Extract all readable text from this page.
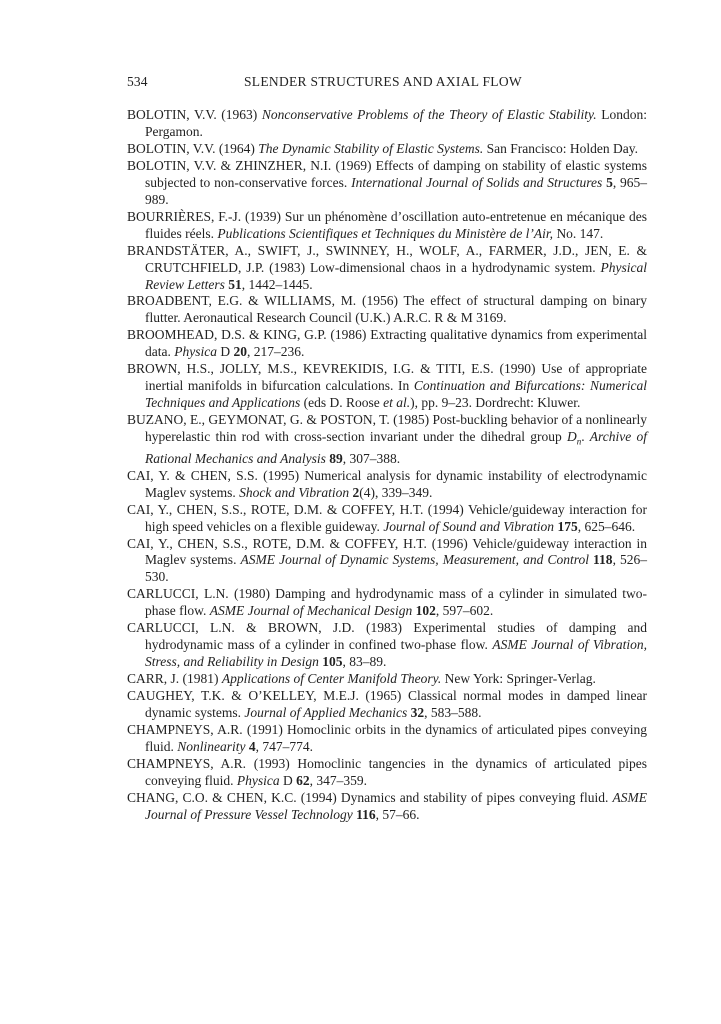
534	SLENDER STRUCTURES AND AXIAL FLOW

BOLOTIN, V.V. (1963) Nonconservative Problems of the Theory of Elastic Stability. London: Pergamon.

BOLOTIN, V.V. (1964) The Dynamic Stability of Elastic Systems. San Francisco: Holden Day.

BOLOTIN, V.V. & ZHINZHER, N.I. (1969) Effects of damping on stability of elastic systems subjected to non-conservative forces. International Journal of Solids and Structures 5, 965–989.

BOURRIÈRES, F.-J. (1939) Sur un phénomène d’oscillation auto-entretenue en mécanique des fluides réels. Publications Scientifiques et Techniques du Ministère de l’Air, No. 147.

BRANDSTÄTER, A., SWIFT, J., SWINNEY, H., WOLF, A., FARMER, J.D., JEN, E. & CRUTCHFIELD, J.P. (1983) Low-dimensional chaos in a hydrodynamic system. Physical Review Letters 51, 1442–1445.

BROADBENT, E.G. & WILLIAMS, M. (1956) The effect of structural damping on binary flutter. Aeronautical Research Council (U.K.) A.R.C. R & M 3169.

BROOMHEAD, D.S. & KING, G.P. (1986) Extracting qualitative dynamics from experimental data. Physica D 20, 217–236.

BROWN, H.S., JOLLY, M.S., KEVREKIDIS, I.G. & TITI, E.S. (1990) Use of appropriate inertial manifolds in bifurcation calculations. In Continuation and Bifurcations: Numerical Techniques and Applications (eds D. Roose et al.), pp. 9–23. Dordrecht: Kluwer.

BUZANO, E., GEYMONAT, G. & POSTON, T. (1985) Post-buckling behavior of a nonlinearly hyperelastic thin rod with cross-section invariant under the dihedral group $D_n$. Archive of Rational Mechanics and Analysis 89, 307–388.

CAI, Y. & CHEN, S.S. (1995) Numerical analysis for dynamic instability of electrodynamic Maglev systems. Shock and Vibration 2(4), 339–349.

CAI, Y., CHEN, S.S., ROTE, D.M. & COFFEY, H.T. (1994) Vehicle/guideway interaction for high speed vehicles on a flexible guideway. Journal of Sound and Vibration 175, 625–646.

CAI, Y., CHEN, S.S., ROTE, D.M. & COFFEY, H.T. (1996) Vehicle/guideway interaction in Maglev systems. ASME Journal of Dynamic Systems, Measurement, and Control 118, 526–530.

CARLUCCI, L.N. (1980) Damping and hydrodynamic mass of a cylinder in simulated two-phase flow. ASME Journal of Mechanical Design 102, 597–602.

CARLUCCI, L.N. & BROWN, J.D. (1983) Experimental studies of damping and hydrodynamic mass of a cylinder in confined two-phase flow. ASME Journal of Vibration, Stress, and Reliability in Design 105, 83–89.

CARR, J. (1981) Applications of Center Manifold Theory. New York: Springer-Verlag.

CAUGHEY, T.K. & O’KELLEY, M.E.J. (1965) Classical normal modes in damped linear dynamic systems. Journal of Applied Mechanics 32, 583–588.

CHAMPNEYS, A.R. (1991) Homoclinic orbits in the dynamics of articulated pipes conveying fluid. Nonlinearity 4, 747–774.

CHAMPNEYS, A.R. (1993) Homoclinic tangencies in the dynamics of articulated pipes conveying fluid. Physica D 62, 347–359.

CHANG, C.O. & CHEN, K.C. (1994) Dynamics and stability of pipes conveying fluid. ASME Journal of Pressure Vessel Technology 116, 57–66.
